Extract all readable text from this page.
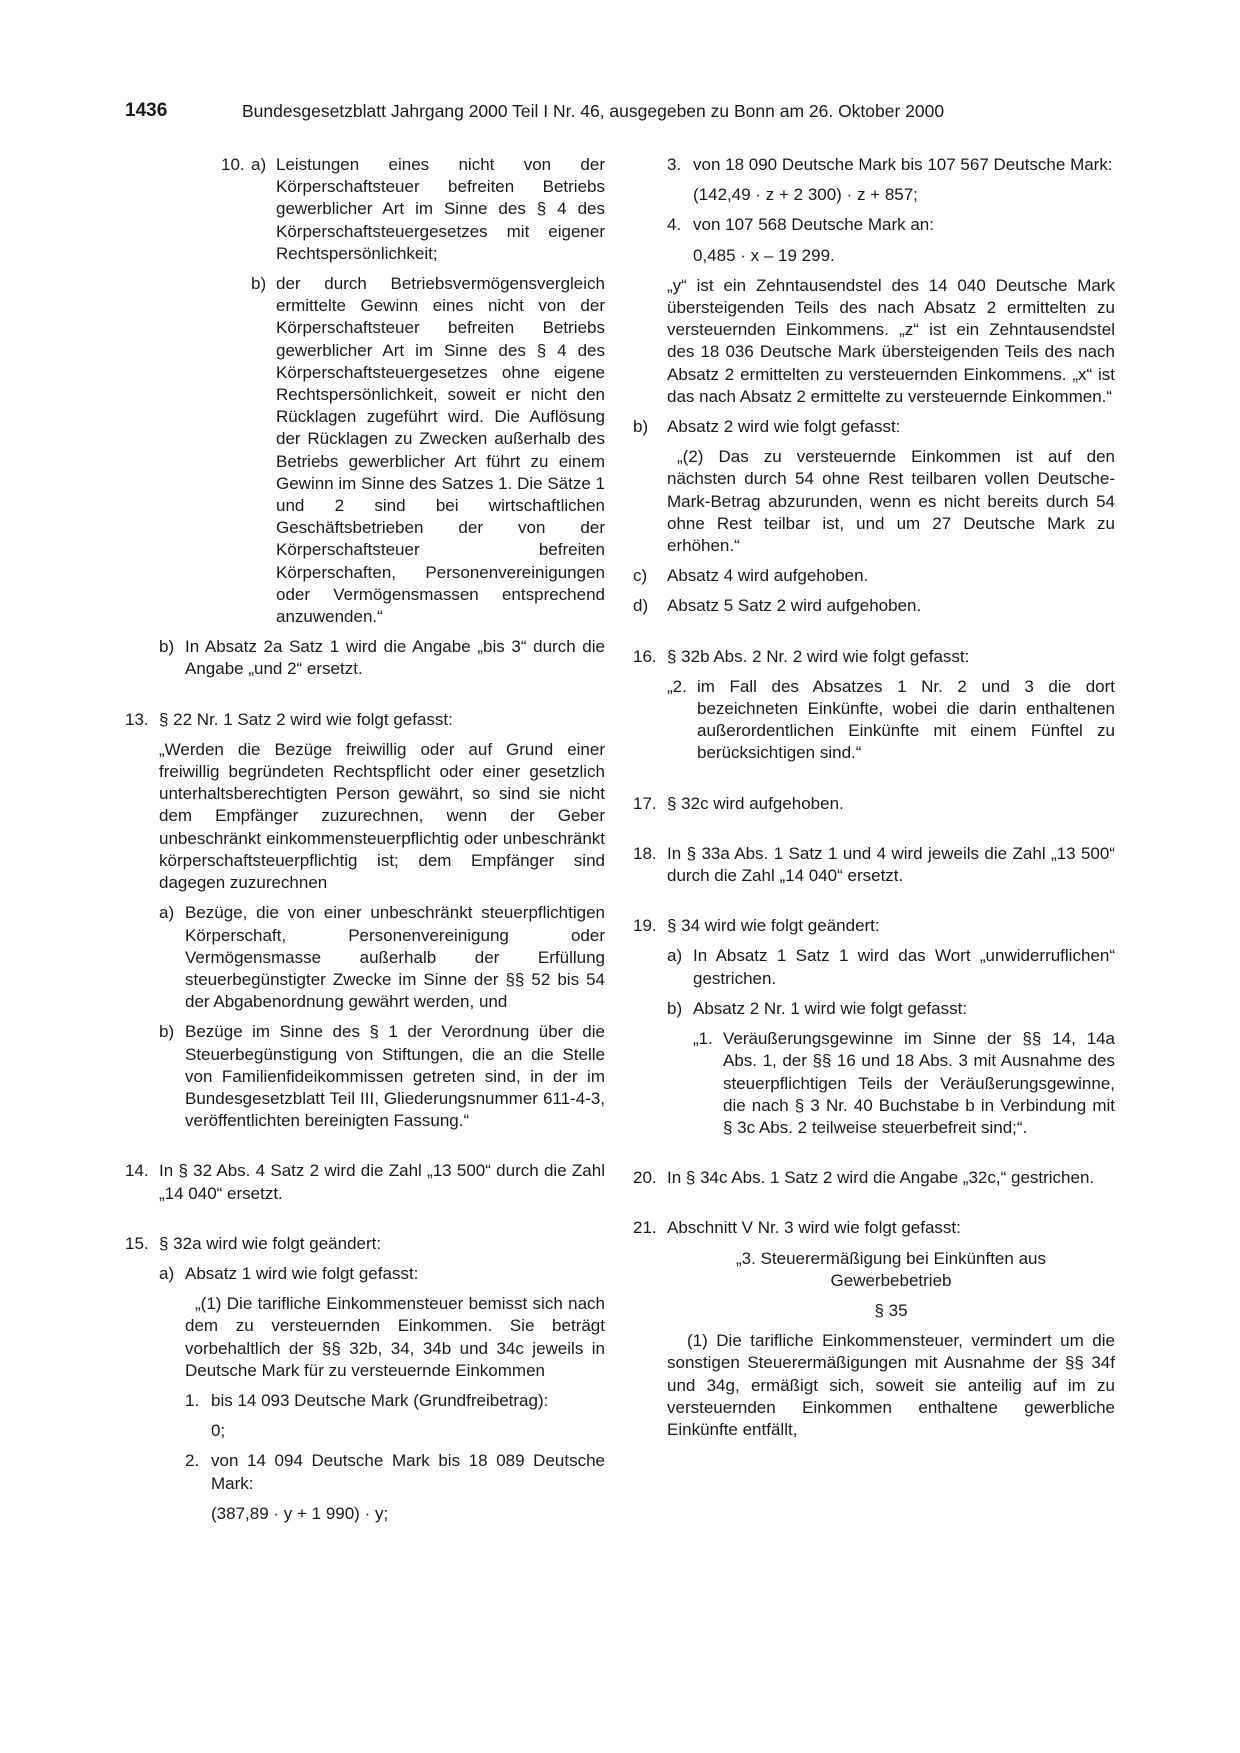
1436	Bundesgesetzblatt Jahrgang 2000 Teil I Nr. 46, ausgegeben zu Bonn am 26. Oktober 2000
10. a) Leistungen eines nicht von der Körperschaftsteuer befreiten Betriebs gewerblicher Art im Sinne des § 4 des Körperschaftsteuergesetzes mit eigener Rechtspersönlichkeit;
b) der durch Betriebsvermögensvergleich ermittelte Gewinn eines nicht von der Körperschaftsteuer befreiten Betriebs gewerblicher Art im Sinne des § 4 des Körperschaftsteuergesetzes ohne eigene Rechtspersönlichkeit, soweit er nicht den Rücklagen zugeführt wird. Die Auflösung der Rücklagen zu Zwecken außerhalb des Betriebs gewerblicher Art führt zu einem Gewinn im Sinne des Satzes 1. Die Sätze 1 und 2 sind bei wirtschaftlichen Geschäftsbetrieben der von der Körperschaftsteuer befreiten Körperschaften, Personenvereinigungen oder Vermögensmassen entsprechend anzuwenden.“
b) In Absatz 2a Satz 1 wird die Angabe „bis 3“ durch die Angabe „und 2“ ersetzt.
13. § 22 Nr. 1 Satz 2 wird wie folgt gefasst:
„Werden die Bezüge freiwillig oder auf Grund einer freiwillig begründeten Rechtspflicht oder einer gesetzlich unterhaltsberechtigten Person gewährt, so sind sie nicht dem Empfänger zuzurechnen, wenn der Geber unbeschränkt einkommensteuerpflichtig oder unbeschränkt körperschaftsteuerpflichtig ist; dem Empfänger sind dagegen zuzurechnen
a) Bezüge, die von einer unbeschränkt steuerpflichtigen Körperschaft, Personenvereinigung oder Vermögensmasse außerhalb der Erfüllung steuerbegünstigter Zwecke im Sinne der §§ 52 bis 54 der Abgabenordnung gewährt werden, und
b) Bezüge im Sinne des § 1 der Verordnung über die Steuerbegünstigung von Stiftungen, die an die Stelle von Familienfideikommissen getreten sind, in der im Bundesgesetzblatt Teil III, Gliederungsnummer 611-4-3, veröffentlichten bereinigten Fassung.“
14. In § 32 Abs. 4 Satz 2 wird die Zahl „13 500“ durch die Zahl „14 040“ ersetzt.
15. § 32a wird wie folgt geändert:
a) Absatz 1 wird wie folgt gefasst:
„(1) Die tarifliche Einkommensteuer bemisst sich nach dem zu versteuernden Einkommen. Sie beträgt vorbehaltlich der §§ 32b, 34, 34b und 34c jeweils in Deutsche Mark für zu versteuernde Einkommen
1. bis 14 093 Deutsche Mark (Grundfreibetrag):
0;
2. von 14 094 Deutsche Mark bis 18 089 Deutsche Mark:
(387,89 · y + 1 990) · y;
3. von 18 090 Deutsche Mark bis 107 567 Deutsche Mark:
(142,49 · z + 2 300) · z + 857;
4. von 107 568 Deutsche Mark an:
0,485 · x – 19 299.
„y“ ist ein Zehntausendstel des 14 040 Deutsche Mark übersteigenden Teils des nach Absatz 2 ermittelten zu versteuernden Einkommens. „z“ ist ein Zehntausendstel des 18 036 Deutsche Mark übersteigenden Teils des nach Absatz 2 ermittelten zu versteuernden Einkommens. „x“ ist das nach Absatz 2 ermittelte zu versteuernde Einkommen.“
b) Absatz 2 wird wie folgt gefasst:
„(2) Das zu versteuernde Einkommen ist auf den nächsten durch 54 ohne Rest teilbaren vollen Deutsche-Mark-Betrag abzurunden, wenn es nicht bereits durch 54 ohne Rest teilbar ist, und um 27 Deutsche Mark zu erhöhen.“
c) Absatz 4 wird aufgehoben.
d) Absatz 5 Satz 2 wird aufgehoben.
16. § 32b Abs. 2 Nr. 2 wird wie folgt gefasst:
„2. im Fall des Absatzes 1 Nr. 2 und 3 die dort bezeichneten Einkünfte, wobei die darin enthaltenen außerordentlichen Einkünfte mit einem Fünftel zu berücksichtigen sind.“
17. § 32c wird aufgehoben.
18. In § 33a Abs. 1 Satz 1 und 4 wird jeweils die Zahl „13 500“ durch die Zahl „14 040“ ersetzt.
19. § 34 wird wie folgt geändert:
a) In Absatz 1 Satz 1 wird das Wort „unwiderruflichen“ gestrichen.
b) Absatz 2 Nr. 1 wird wie folgt gefasst:
„1. Veräußerungsgewinne im Sinne der §§ 14, 14a Abs. 1, der §§ 16 und 18 Abs. 3 mit Ausnahme des steuerpflichtigen Teils der Veräußerungsgewinne, die nach § 3 Nr. 40 Buchstabe b in Verbindung mit § 3c Abs. 2 teilweise steuerbefreit sind;“.
20. In § 34c Abs. 1 Satz 2 wird die Angabe „32c,“ gestrichen.
21. Abschnitt V Nr. 3 wird wie folgt gefasst:
„3. Steuerermäßigung bei Einkünften aus
Gewerbebetrieb
§ 35
(1) Die tarifliche Einkommensteuer, vermindert um die sonstigen Steuerermäßigungen mit Ausnahme der §§ 34f und 34g, ermäßigt sich, soweit sie anteilig auf im zu versteuernden Einkommen enthaltene gewerbliche Einkünfte entfällt,
